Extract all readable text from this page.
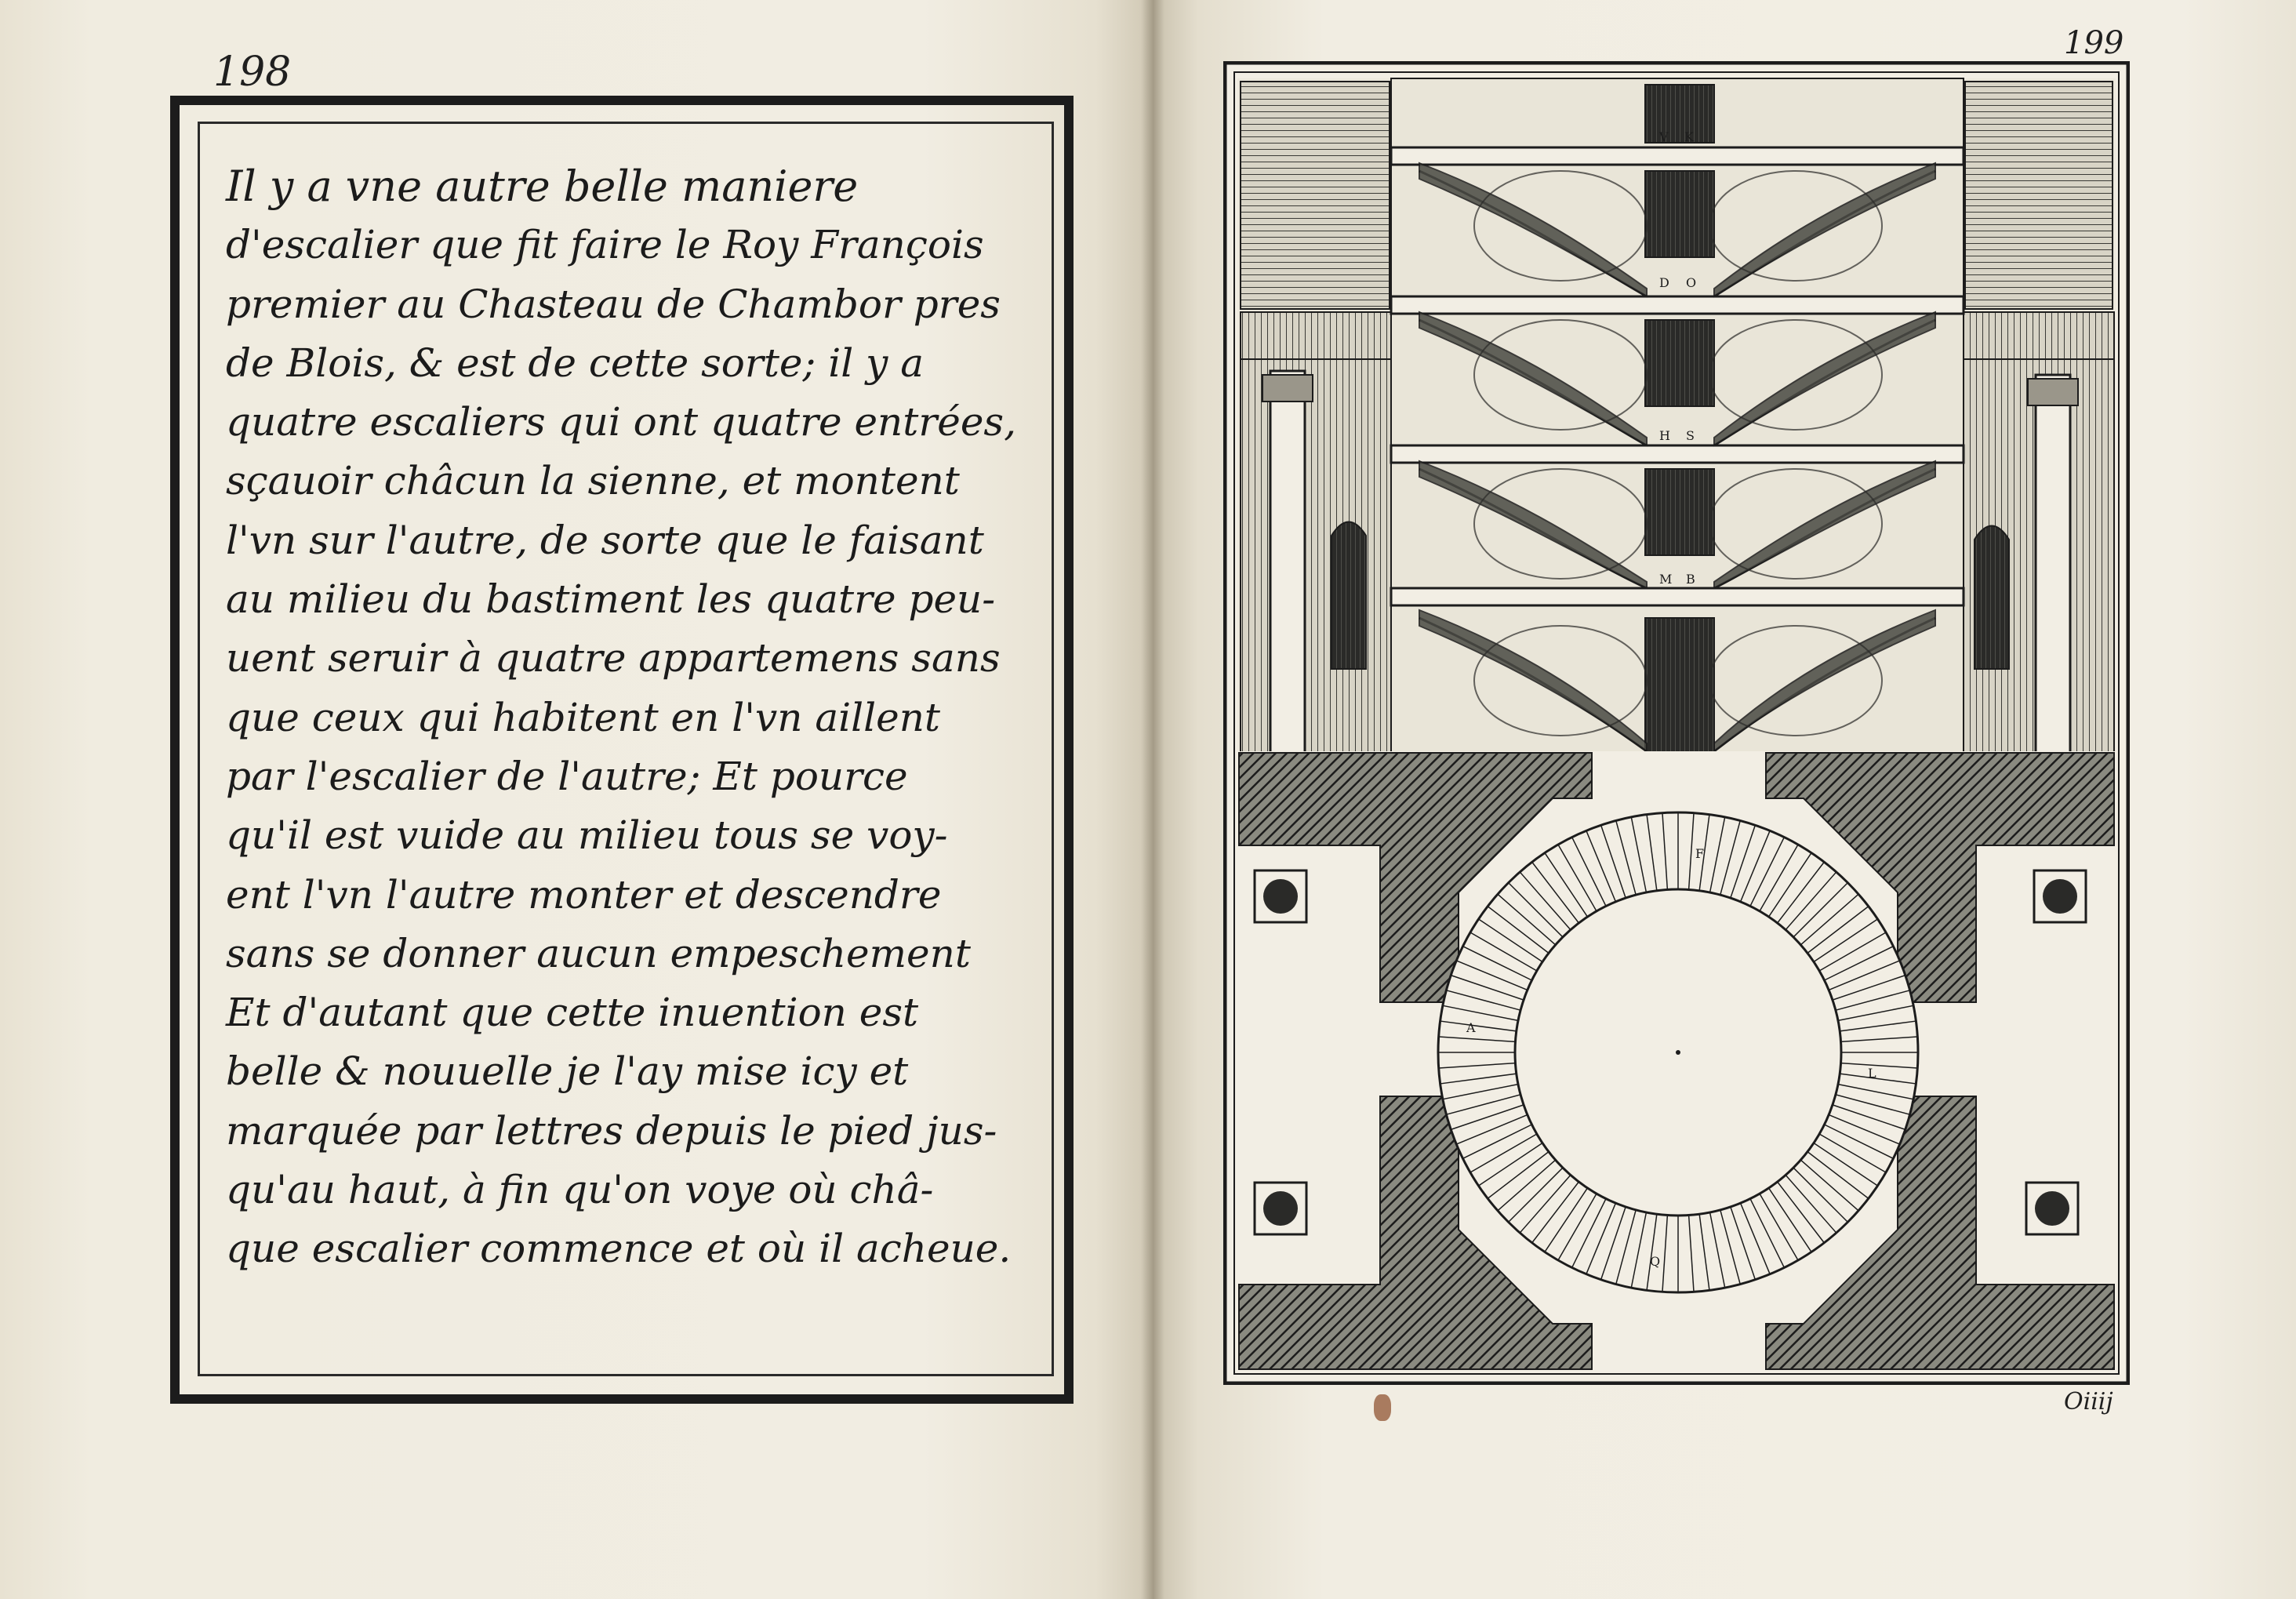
198
Il y a vne autre belle maniere
d'escalier que fit faire le Roy François
premier au Chasteau de Chambor pres
de Blois, & est de cette sorte; il y a
quatre escaliers qui ont quatre entrées,
sçauoir châcun la sienne, et montent
l'vn sur l'autre, de sorte que le faisant
au milieu du bastiment les quatre peu-
uent seruir à quatre appartemens sans
que ceux qui habitent en l'vn aillent
par l'escalier de l'autre; Et pource
qu'il est vuide au milieu tous se voy-
ent l'vn l'autre monter et descendre
sans se donner aucun empeschement
Et d'autant que cette inuention est
belle & nouuelle je l'ay mise icy et
marquée par lettres depuis le pied jus-
qu'au haut, à fin qu'on voye où châ-
que escalier commence et où il acheue.
199
Oiiij
V K
D O
H S
M B
F
A
L
Q
